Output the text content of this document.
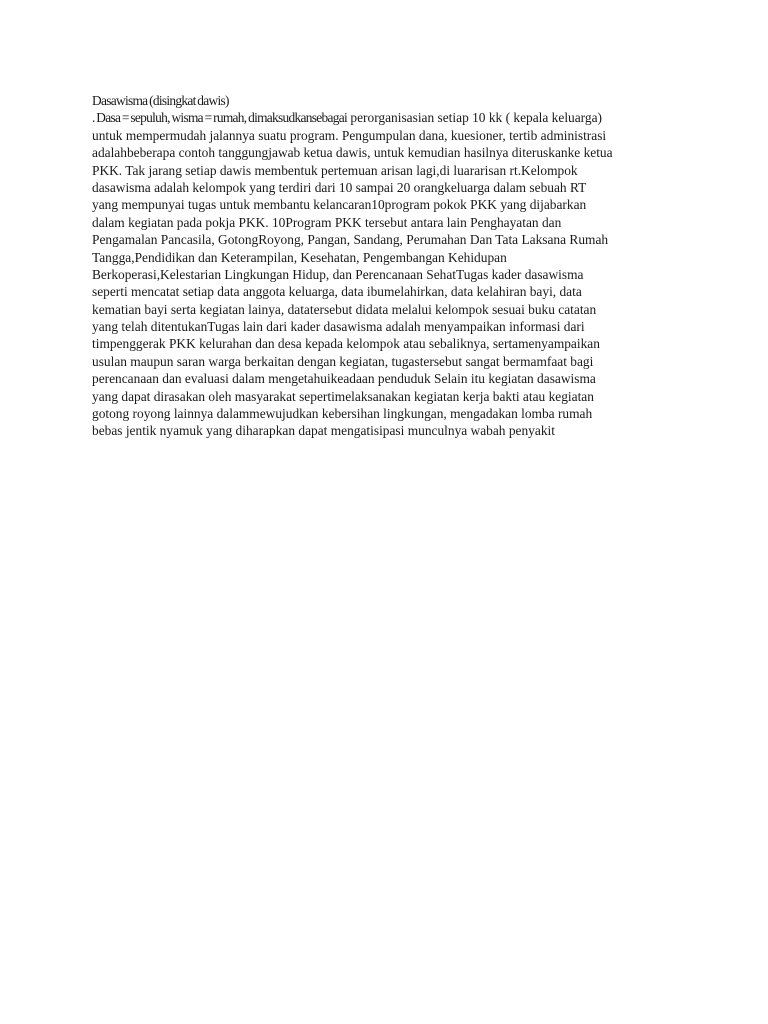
Dasawisma (disingkat dawis)
. Dasa = sepuluh, wisma = rumah, dimaksudkansebagai perorganisasian setiap 10 kk ( kepala keluarga)
untuk mempermudah jalannya suatu program. Pengumpulan dana, kuesioner, tertib administrasi
adalahbeberapa contoh tanggungjawab ketua dawis, untuk kemudian hasilnya diteruskanke ketua
PKK. Tak jarang setiap dawis membentuk pertemuan arisan lagi,di luararisan rt.Kelompok
dasawisma adalah kelompok yang terdiri dari 10 sampai 20 orangkeluarga dalam sebuah RT
yang mempunyai tugas untuk membantu kelancaran10program pokok PKK yang dijabarkan
dalam kegiatan pada pokja PKK. 10Program PKK tersebut antara lain Penghayatan dan
Pengamalan Pancasila, GotongRoyong, Pangan, Sandang, Perumahan Dan Tata Laksana Rumah
Tangga,Pendidikan dan Keterampilan, Kesehatan, Pengembangan Kehidupan
Berkoperasi,Kelestarian Lingkungan Hidup, dan Perencanaan SehatTugas kader dasawisma
seperti mencatat setiap data anggota keluarga, data ibumelahirkan, data kelahiran bayi, data
kematian bayi serta kegiatan lainya, datatersebut didata melalui kelompok sesuai buku catatan
yang telah ditentukanTugas lain dari kader dasawisma adalah menyampaikan informasi dari
timpenggerak PKK kelurahan dan desa kepada kelompok atau sebaliknya, sertamenyampaikan
usulan maupun saran warga berkaitan dengan kegiatan, tugastersebut sangat bermamfaat bagi
perencanaan dan evaluasi dalam mengetahuikeadaan penduduk Selain itu kegiatan dasawisma
yang dapat dirasakan oleh masyarakat sepertimelaksanakan kegiatan kerja bakti atau kegiatan
gotong royong lainnya dalammewujudkan kebersihan lingkungan, mengadakan lomba rumah
bebas jentik nyamuk yang diharapkan dapat mengatisipasi munculnya wabah penyakit
